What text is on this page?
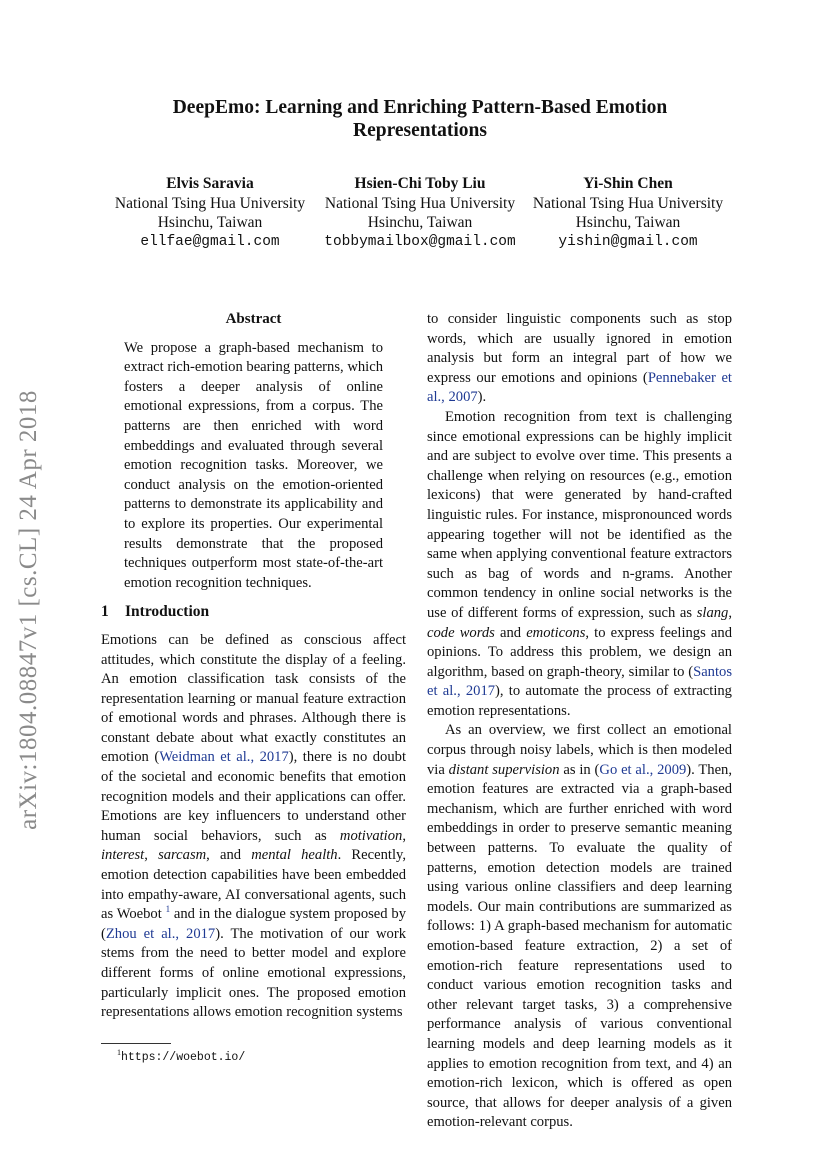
arXiv:1804.08847v1 [cs.CL] 24 Apr 2018
DeepEmo: Learning and Enriching Pattern-Based Emotion
Representations
Elvis Saravia
National Tsing Hua University
Hsinchu, Taiwan
ellfae@gmail.com
Hsien-Chi Toby Liu
National Tsing Hua University
Hsinchu, Taiwan
tobbymailbox@gmail.com
Yi-Shin Chen
National Tsing Hua University
Hsinchu, Taiwan
yishin@gmail.com

Abstract

We propose a graph-based mechanism to extract rich-emotion bearing patterns, which fosters a deeper analysis of online emotional expressions, from a corpus. The patterns are then enriched with word embeddings and evaluated through several emotion recognition tasks. Moreover, we conduct analysis on the emotion-oriented patterns to demonstrate its applicability and to explore its properties. Our experimental results demonstrate that the proposed techniques outperform most state-of-the-art emotion recognition techniques.

1 Introduction

Emotions can be defined as conscious affect attitudes, which constitute the display of a feeling. An emotion classification task consists of the representation learning or manual feature extraction of emotional words and phrases. Although there is constant debate about what exactly constitutes an emotion (Weidman et al., 2017), there is no doubt of the societal and economic benefits that emotion recognition models and their applications can offer. Emotions are key influencers to understand other human social behaviors, such as motivation, interest, sarcasm, and mental health. Recently, emotion detection capabilities have been embedded into empathy-aware, AI conversational agents, such as Woebot $^1$ and in the dialogue system proposed by (Zhou et al., 2017). The motivation of our work stems from the need to better model and explore different forms of online emotional expressions, particularly implicit ones. The proposed emotion representations allows emotion recognition systems

to consider linguistic components such as stop words, which are usually ignored in emotion analysis but form an integral part of how we express our emotions and opinions (Pennebaker et al., 2007).

Emotion recognition from text is challenging since emotional expressions can be highly implicit and are subject to evolve over time. This presents a challenge when relying on resources (e.g., emotion lexicons) that were generated by hand-crafted linguistic rules. For instance, mispronounced words appearing together will not be identified as the same when applying conventional feature extractors such as bag of words and n-grams. Another common tendency in online social networks is the use of different forms of expression, such as slang, code words and emoticons, to express feelings and opinions. To address this problem, we design an algorithm, based on graph-theory, similar to (Santos et al., 2017), to automate the process of extracting emotion representations.

As an overview, we first collect an emotional corpus through noisy labels, which is then modeled via distant supervision as in (Go et al., 2009). Then, emotion features are extracted via a graph-based mechanism, which are further enriched with word embeddings in order to preserve semantic meaning between patterns. To evaluate the quality of patterns, emotion detection models are trained using various online classifiers and deep learning models. Our main contributions are summarized as follows: 1) A graph-based mechanism for automatic emotion-based feature extraction, 2) a set of emotion-rich feature representations used to conduct various emotion recognition tasks and other relevant target tasks, 3) a comprehensive performance analysis of various conventional learning models and deep learning models as it applies to emotion recognition from text, and 4) an emotion-rich lexicon, which is offered as open source, that allows for deeper analysis of a given emotion-relevant corpus.

$^1$https://woebot.io/
